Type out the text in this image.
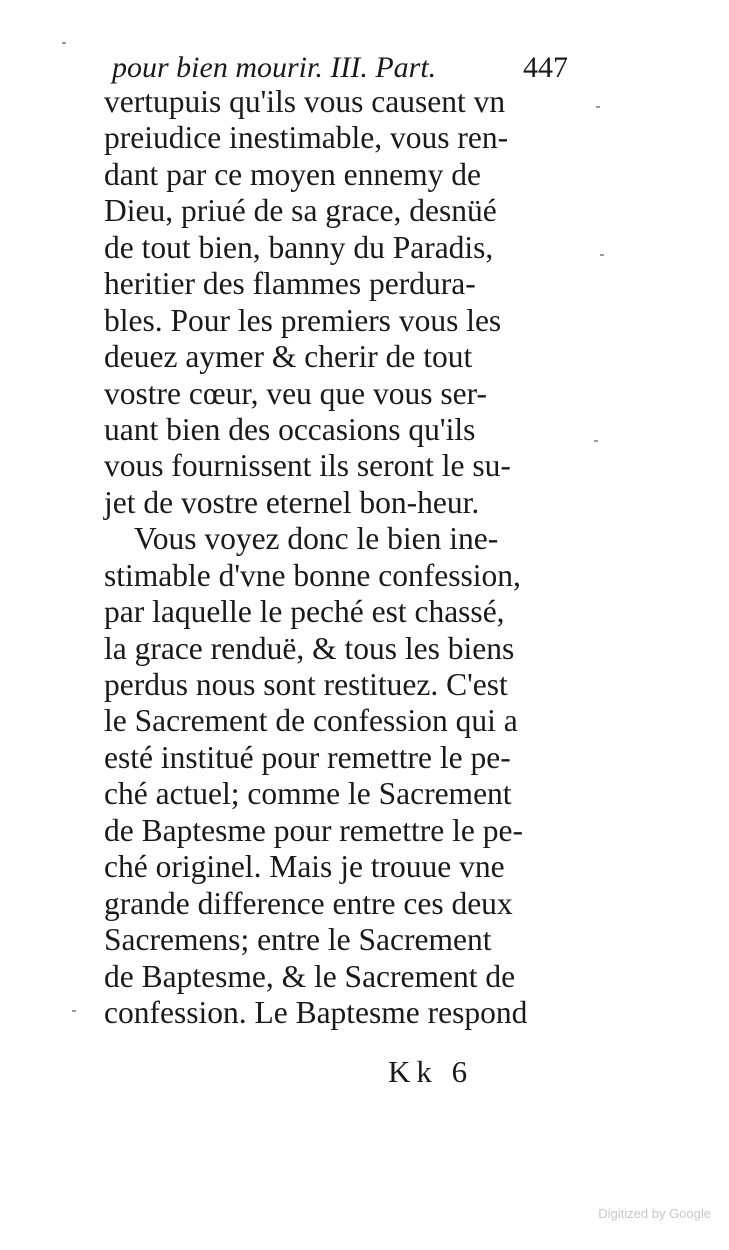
pour bien mourir. III. Part.	447
vertupuis qu'ils vous causent vn
preiudice inestimable, vous ren-
dant par ce moyen ennemy de
Dieu, priué de sa grace, desnüé
de tout bien, banny du Paradis,
heritier des flammes perdura-
bles. Pour les premiers vous les
deuez aymer & cherir de tout
vostre cœur, veu que vous ser-
uant bien des occasions qu'ils
vous fournissent ils seront le su-
jet de vostre eternel bon-heur.
Vous voyez donc le bien ine-
stimable d'vne bonne confession,
par laquelle le peché est chassé,
la grace renduë, & tous les biens
perdus nous sont restituez. C'est
le Sacrement de confession qui a
esté institué pour remettre le pe-
ché actuel; comme le Sacrement
de Baptesme pour remettre le pe-
ché originel. Mais je trouue vne
grande difference entre ces deux
Sacremens; entre le Sacrement
de Baptesme, & le Sacrement de
confession. Le Baptesme respond
Kk 6
Digitized by Google
